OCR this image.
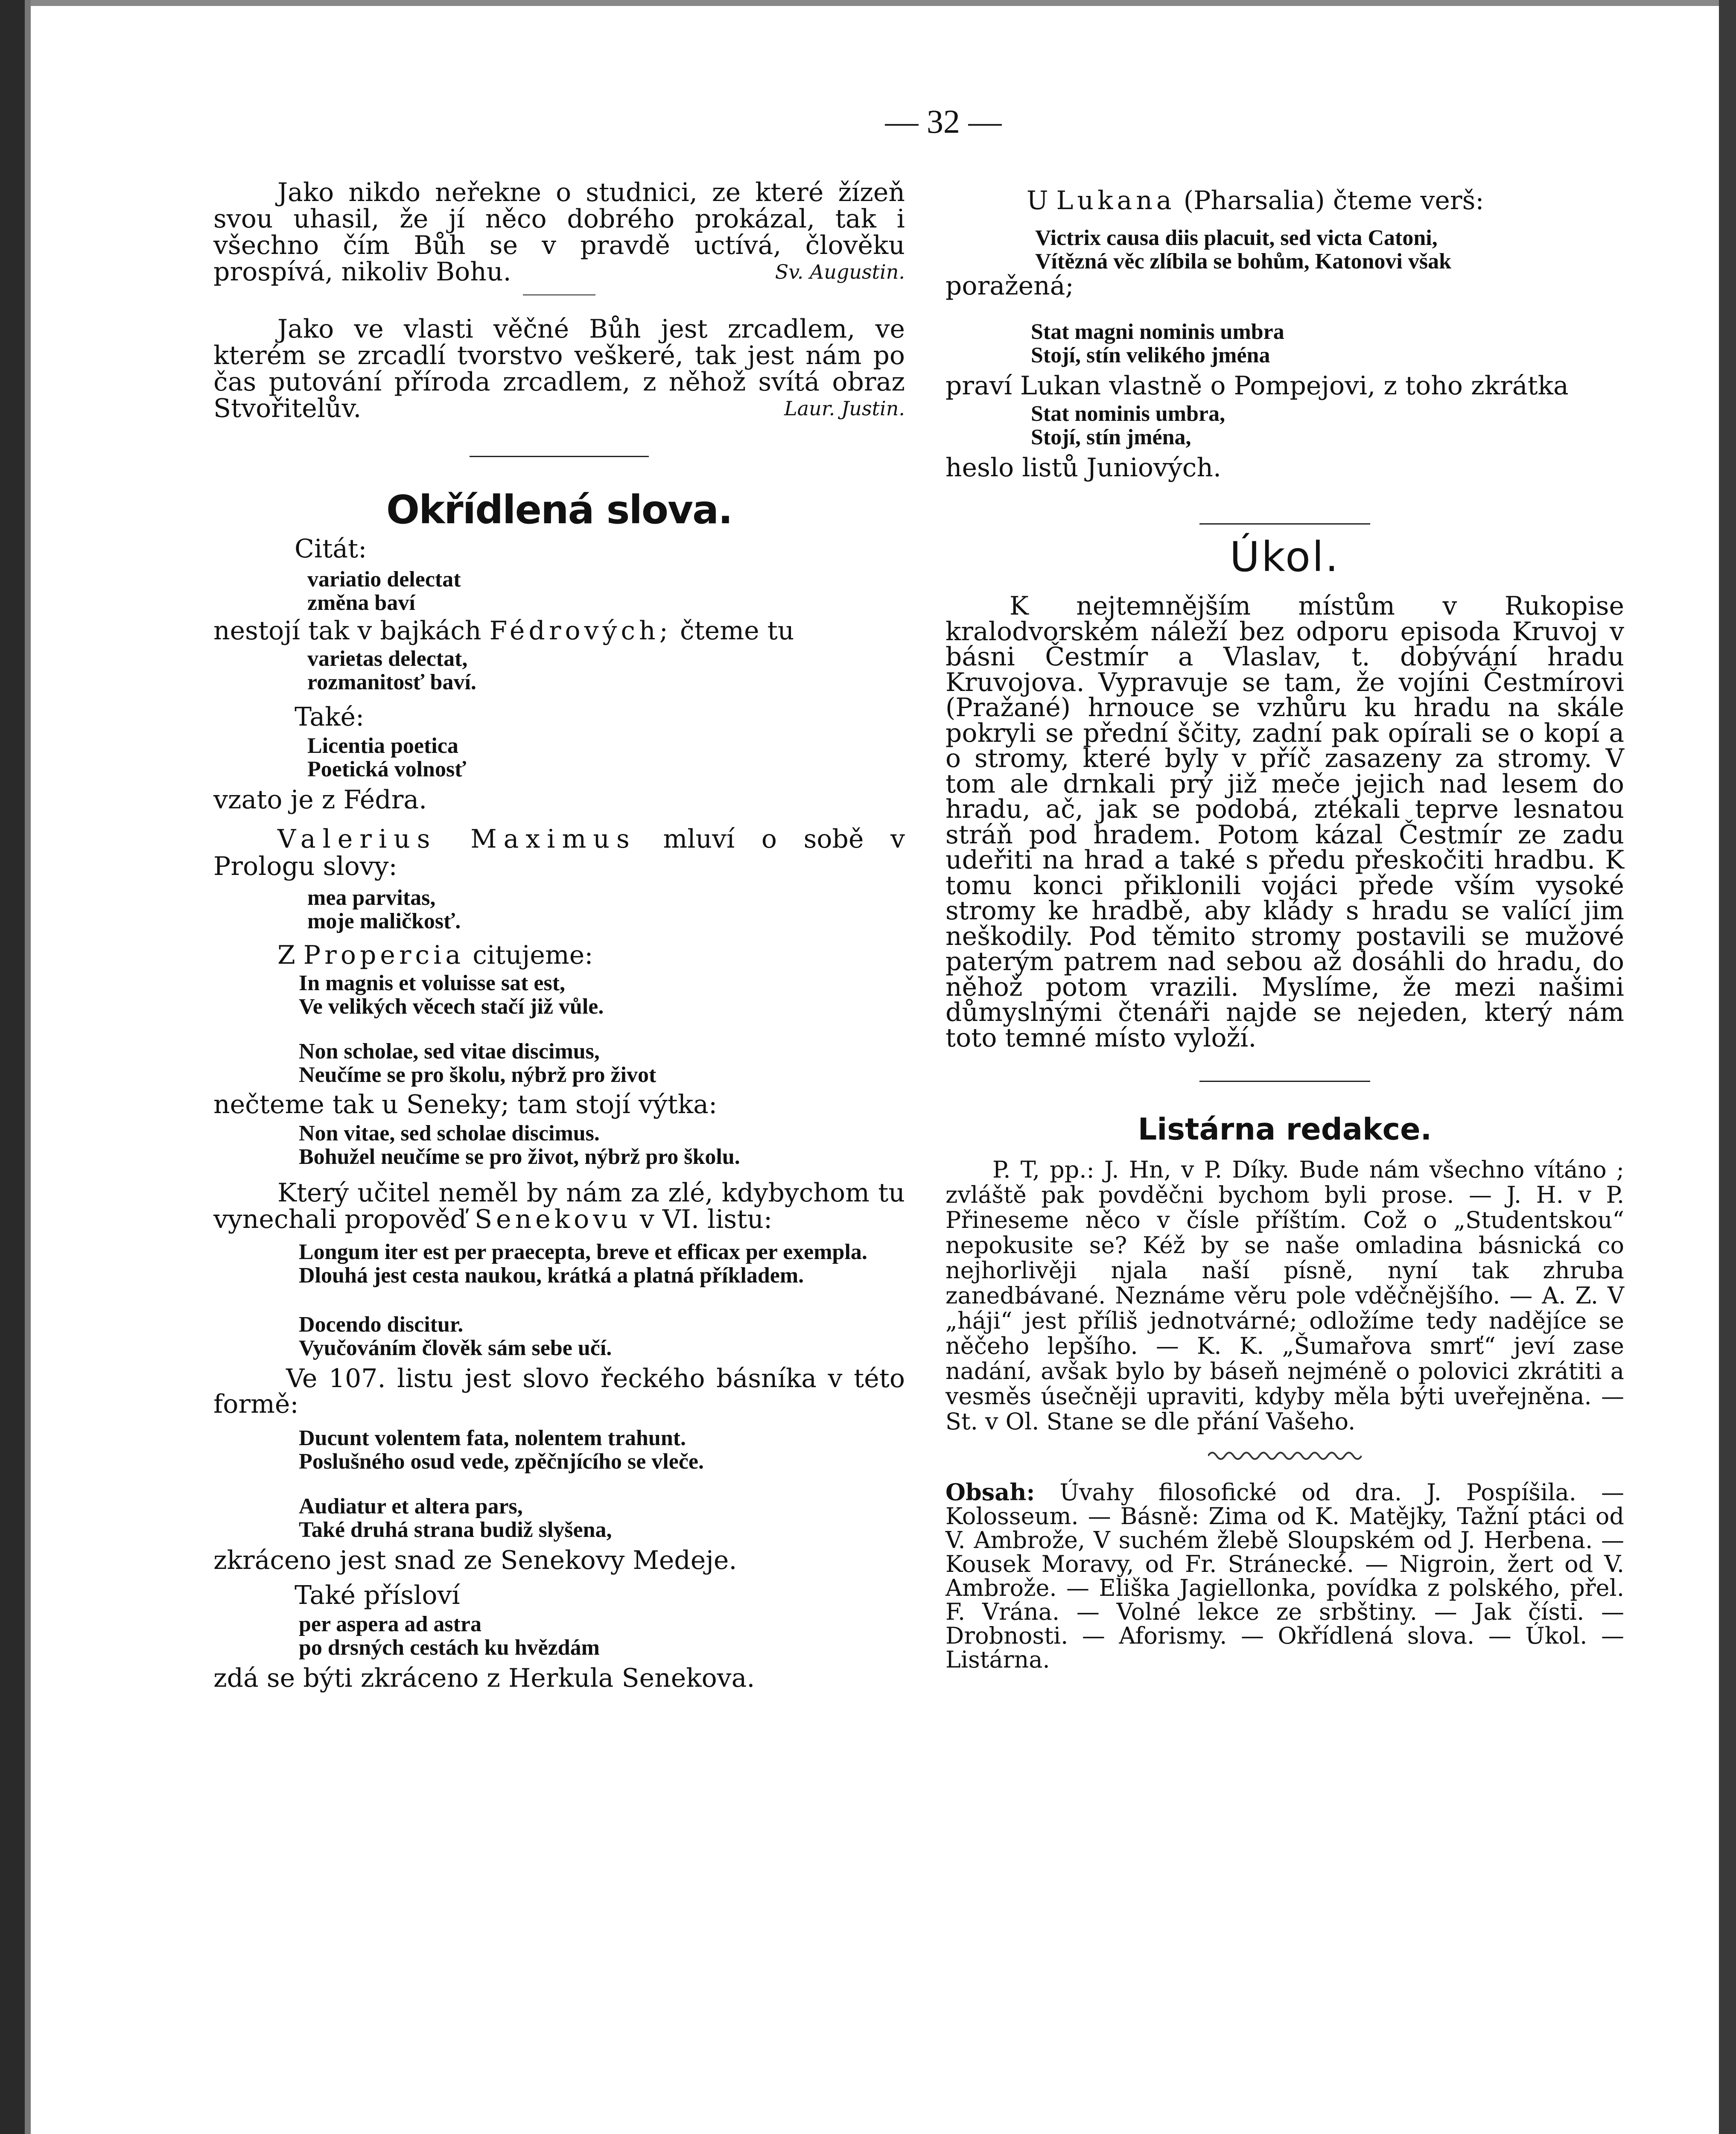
— 32 —

Jako nikdo neřekne o studnici, ze které žízeň svou uhasil, že jí něco dobrého prokázal, tak i všechno čím Bůh se v pravdě uctívá, člověku prospívá, nikoliv Bohu.	Sv. Augustin.

Jako ve vlasti věčné Bůh jest zrcadlem, ve kterém se zrcadlí tvorstvo veškeré, tak jest nám po čas putování příroda zrcadlem, z něhož svítá obraz Stvořitelův.	Laur. Justin.

Okřídlená slova.

Citát:

variatio delectat

změna baví

nestojí tak v bajkách Fédrových; čteme tu

varietas delectat,

rozmanitosť baví.

Také:

Licentia poetica

Poetická volnosť

vzato je z Fédra.

Valerius Maximus mluví o sobě v Prologu slovy:

mea parvitas,

moje maličkosť.

Z Propercia citujeme:

In magnis et voluisse sat est,

Ve velikých věcech stačí již vůle.

Non scholae, sed vitae discimus,

Neučíme se pro školu, nýbrž pro život

nečteme tak u Seneky; tam stojí výtka:

Non vitae, sed scholae discimus.

Bohužel neučíme se pro život, nýbrž pro školu.

Který učitel neměl by nám za zlé, kdybychom tu vynechali propověď Senekovu v VI. listu:

Longum iter est per praecepta, breve et efficax per exempla.

Dlouhá jest cesta naukou, krátká a platná příkladem.

Docendo discitur.

Vyučováním člověk sám sebe učí.

Ve 107. listu jest slovo řeckého básníka v této formě:

Ducunt volentem fata, nolentem trahunt.

Poslušného osud vede, zpěčnjícího se vleče.

Audiatur et altera pars,

Také druhá strana budiž slyšena,

zkráceno jest snad ze Senekovy Medeje.

Také přísloví

per aspera ad astra

po drsných cestách ku hvězdám

zdá se býti zkráceno z Herkula Senekova.

U Lukana (Pharsalia) čteme verš:

Victrix causa diis placuit, sed victa Catoni,

Vítězná věc zlíbila se bohům, Katonovi však

poražená;

Stat magni nominis umbra

Stojí, stín velikého jména

praví Lukan vlastně o Pompejovi, z toho zkrátka

Stat nominis umbra,

Stojí, stín jména,

heslo listů Juniových.

Úkol.

K nejtemnějším místům v Rukopise kralodvorském náleží bez odporu episoda Kruvoj v básni Čestmír a Vlaslav, t. dobývání hradu Kruvojova. Vypravuje se tam, že vojíni Čestmírovi (Pražané) hrnouce se vzhůru ku hradu na skále pokryli se přední ščity, zadní pak opírali se o kopí a o stromy, které byly v příč zasazeny za stromy. V tom ale drnkali prý již meče jejich nad lesem do hradu, ač, jak se podobá, ztékali teprve lesnatou stráň pod hradem. Potom kázal Čestmír ze zadu udeřiti na hrad a také s předu přeskočiti hradbu. K tomu konci přiklonili vojáci přede vším vysoké stromy ke hradbě, aby klády s hradu se valící jim neškodily. Pod těmito stromy postavili se mužové paterým patrem nad sebou až dosáhli do hradu, do něhož potom vrazili. Myslíme, že mezi našimi důmyslnými čtenáři najde se nejeden, který nám toto temné místo vyloží.

Listárna redakce.

P. T, pp.: J. Hn, v P. Díky. Bude nám všechno vítáno ; zvláště pak povděčni bychom byli prose. — J. H. v P. Přineseme něco v čísle příštím. Což o „Studentskou“ nepokusite se? Kéž by se naše omladina básnická co nejhorlivěji njala naší písně, nyní tak zhruba zanedbávané. Neznáme věru pole vděčnějšího. — A. Z. V „háji“ jest příliš jednotvárné; odložíme tedy nadějíce se něčeho lepšího. — K. K. „Šumařova smrť“ jeví zase nadání, avšak bylo by báseň nejméně o polovici zkrátiti a vesměs úsečněji upraviti, kdyby měla býti uveřejněna. — St. v Ol. Stane se dle přání Vašeho.

Obsah: Úvahy filosofické od dra. J. Pospíšila. — Kolosseum. — Básně: Zima od K. Matějky, Tažní ptáci od V. Ambrože, V suchém žlebě Sloupském od J. Herbena. — Kousek Moravy, od Fr. Stránecké. — Nigroin, žert od V. Ambrože. — Eliška Jagiellonka, povídka z polského, přel. F. Vrána. — Volné lekce ze srbštiny. — Jak čísti. — Drobnosti. — Aforismy. — Okřídlená slova. — Úkol. — Listárna.
